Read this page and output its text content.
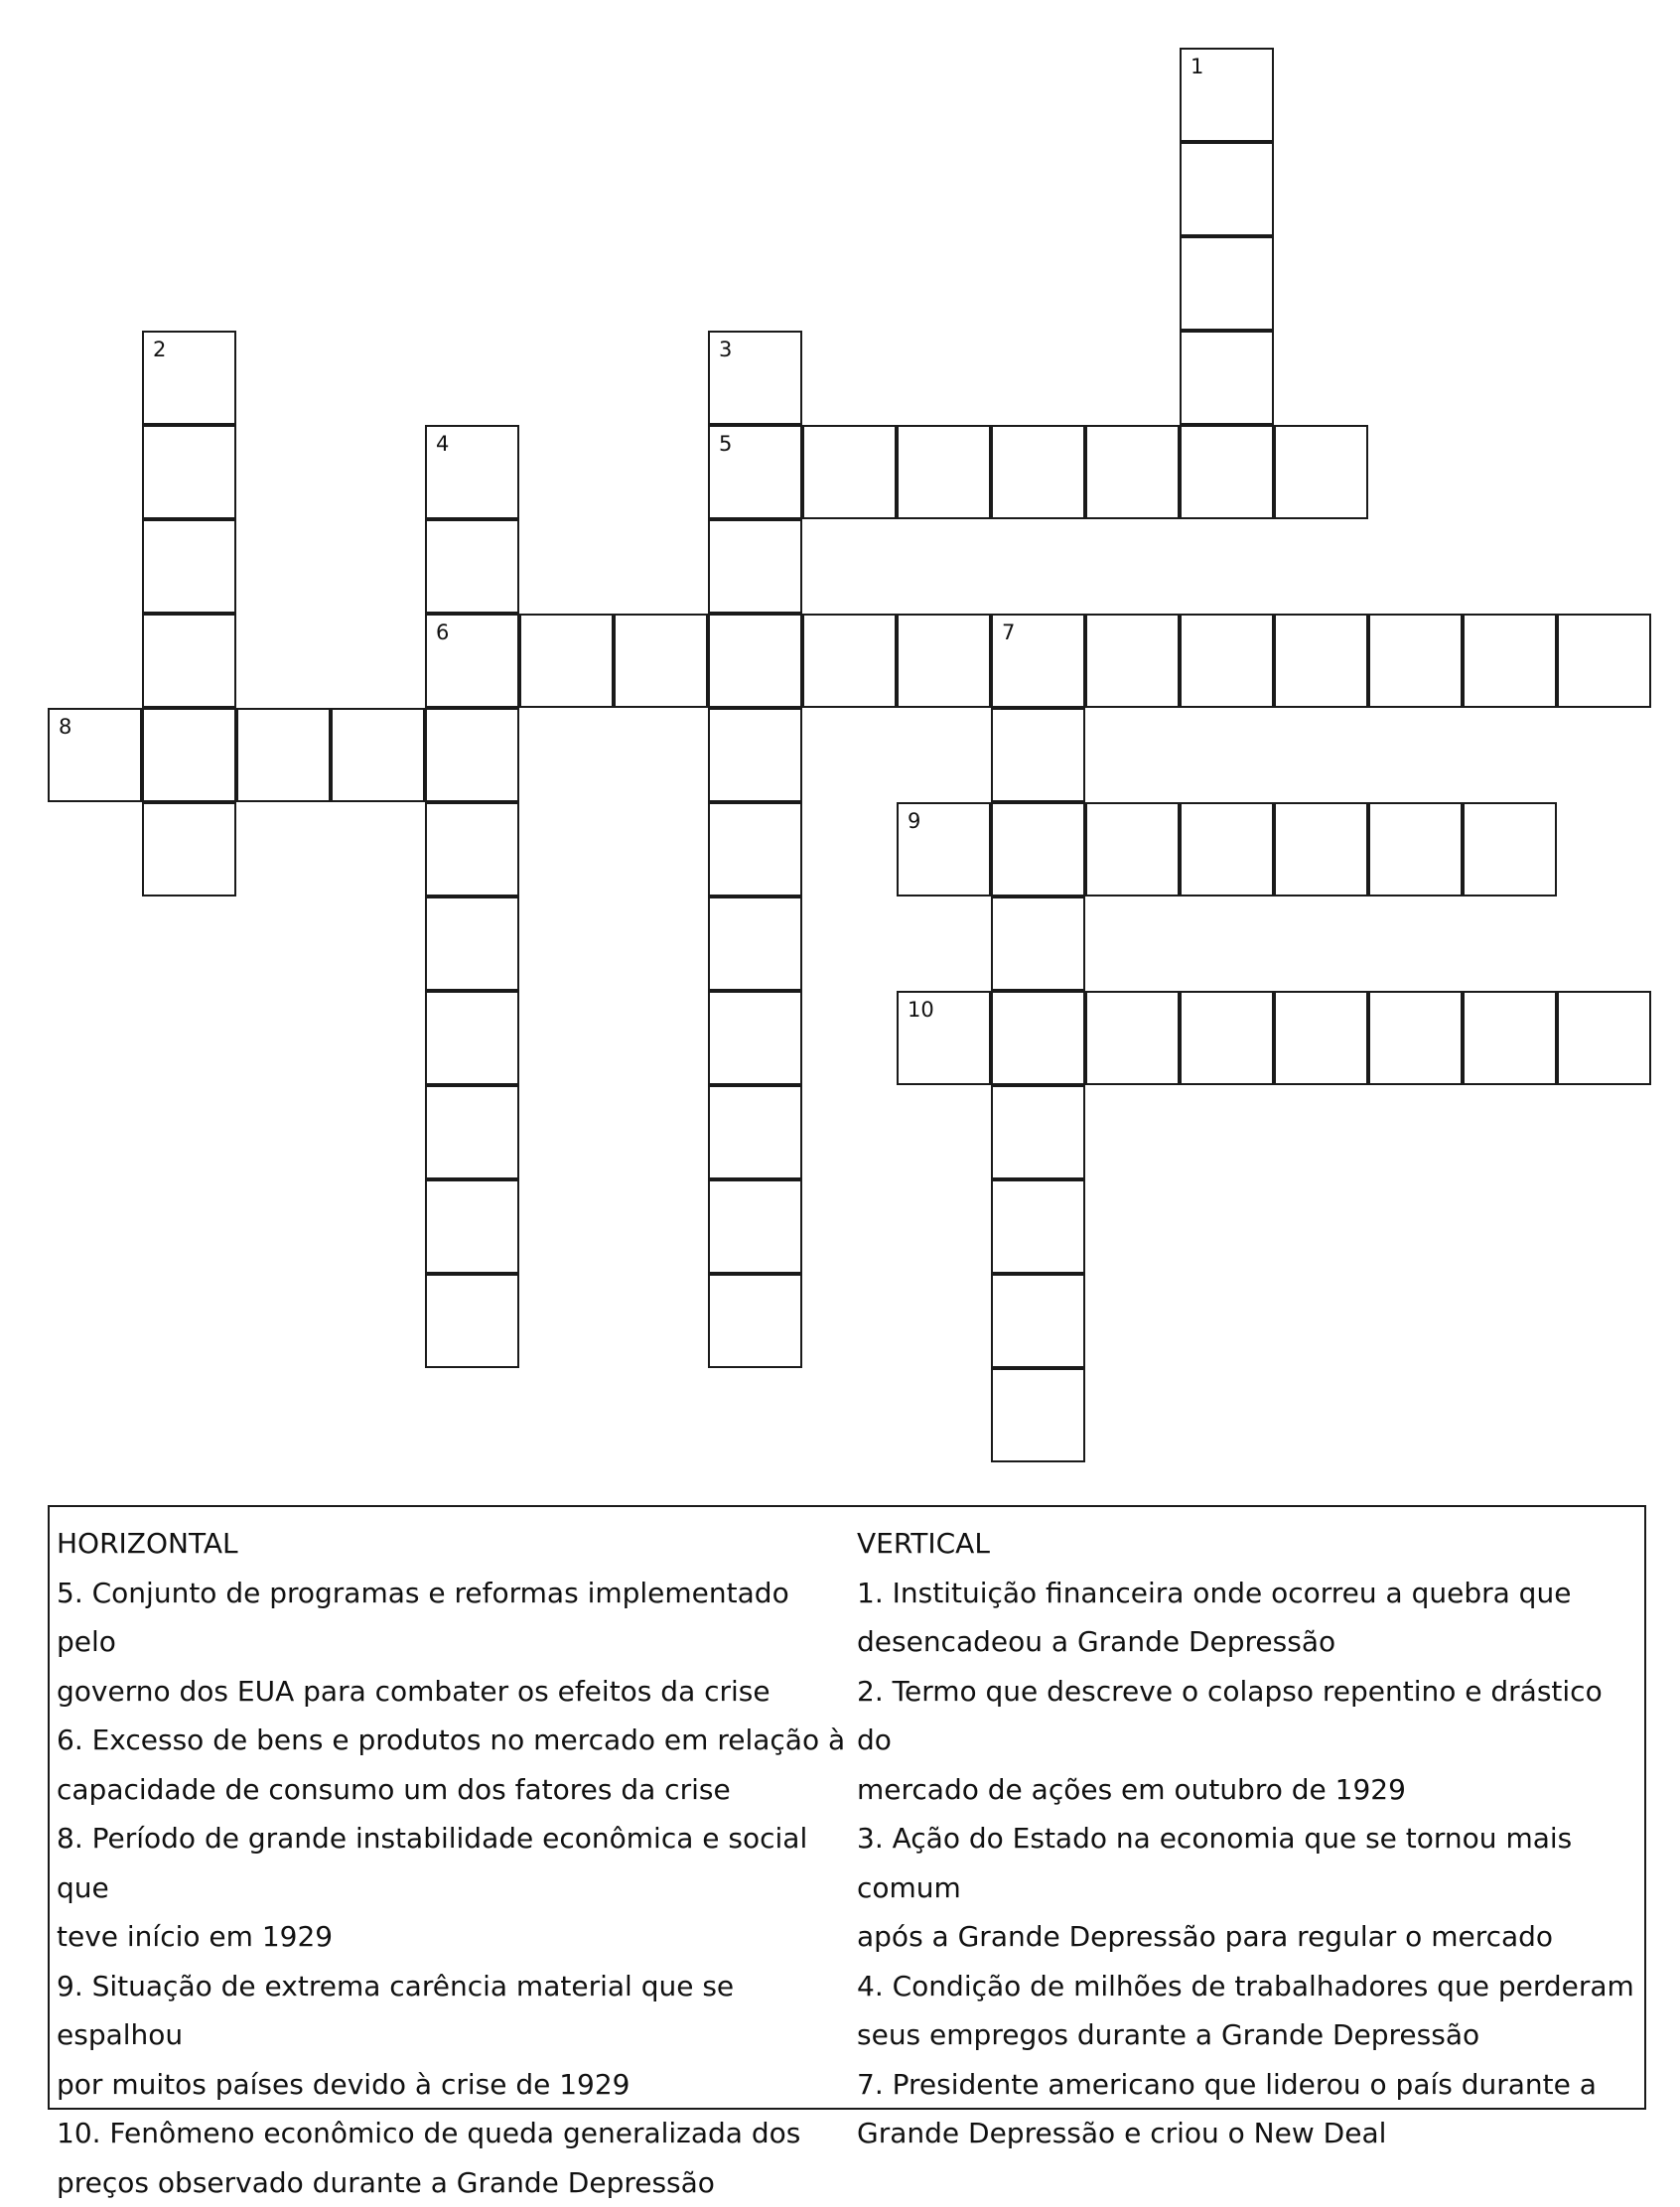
1
2	3
4	5
6	7
8
9
10

HORIZONTAL

5. Conjunto de programas e reformas implementado pelo

governo dos EUA para combater os efeitos da crise

6. Excesso de bens e produtos no mercado em relação à

capacidade de consumo um dos fatores da crise

8. Período de grande instabilidade econômica e social que

teve início em 1929

9. Situação de extrema carência material que se espalhou

por muitos países devido à crise de 1929

10. Fenômeno econômico de queda generalizada dos

preços observado durante a Grande Depressão

VERTICAL

1. Instituição financeira onde ocorreu a quebra que

desencadeou a Grande Depressão

2. Termo que descreve o colapso repentino e drástico do

mercado de ações em outubro de 1929

3. Ação do Estado na economia que se tornou mais comum

após a Grande Depressão para regular o mercado

4. Condição de milhões de trabalhadores que perderam

seus empregos durante a Grande Depressão

7. Presidente americano que liderou o país durante a

Grande Depressão e criou o New Deal
